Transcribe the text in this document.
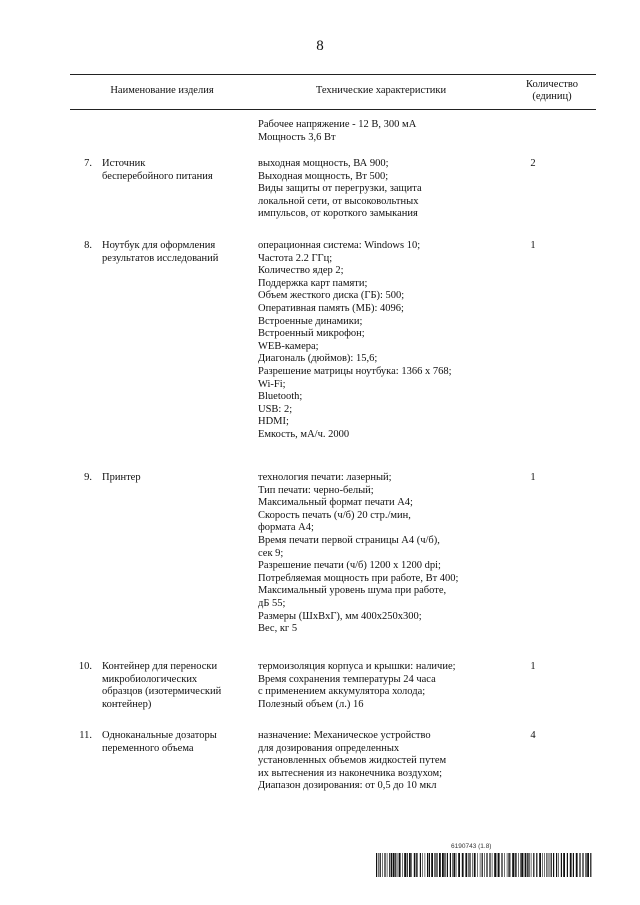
8
Наименование изделия	Технические характеристики
Количество
(единиц)
Рабочее напряжение - 12 В, 300 мА
Мощность 3,6 Вт
7. Источник
бесперебойного питания
выходная мощность, ВА 900;
Выходная мощность, Вт 500;
Виды защиты от перегрузки, защита
локальной сети, от высоковольтных
импульсов, от короткого замыкания
2
8. Ноутбук для оформления
результатов исследований
операционная система: Windows 10;
Частота 2.2 ГГц;
Количество ядер 2;
Поддержка карт памяти;
Объем жесткого диска (ГБ): 500;
Оперативная память (МБ): 4096;
Встроенные динамики;
Встроенный микрофон;
WEB-камера;
Диагональ (дюймов): 15,6;
Разрешение матрицы ноутбука: 1366 x 768;
Wi-Fi;
Bluetooth;
USB: 2;
HDMI;
Емкость, мА/ч. 2000
1
9. Принтер	технология печати: лазерный;
Тип печати: черно-белый;
Максимальный формат печати А4;
Скорость печать (ч/б) 20 стр./мин,
формата А4;
Время печати первой страницы А4 (ч/б),
сек 9;
Разрешение печати (ч/б) 1200 x 1200 dpi;
Потребляемая мощность при работе, Вт 400;
Максимальный уровень шума при работе,
дБ 55;
Размеры (ШxВxГ), мм 400x250x300;
Вес, кг 5
1
10. Контейнер для переноски
микробиологических
образцов (изотермический
контейнер)
термоизоляция корпуса и крышки: наличие;
Время сохранения температуры 24 часа
с применением аккумулятора холода;
Полезный объем (л.) 16
1
11. Одноканальные дозаторы
переменного объема
назначение: Механическое устройство
для дозирования определенных
установленных объемов жидкостей путем
их вытеснения из наконечника воздухом;
Диапазон дозирования: от 0,5 до 10 мкл
4
6190743 (1.8)
